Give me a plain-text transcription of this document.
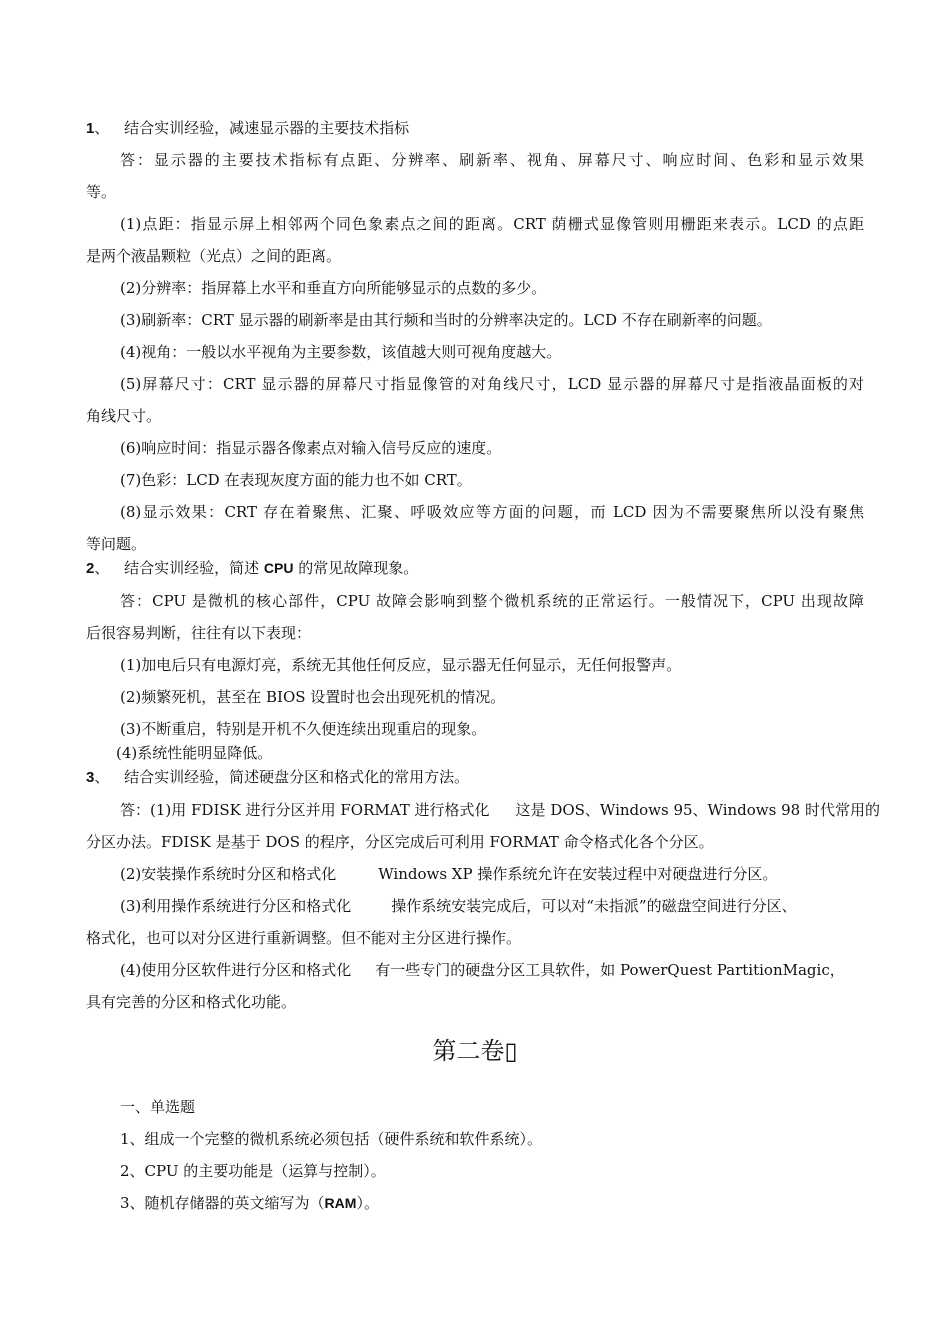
1、 结合实训经验，减速显示器的主要技术指标
答：显示器的主要技术指标有点距、分辨率、刷新率、视角、屏幕尺寸、响应时间、色彩和显示效果
等。
(1)点距：指显示屏上相邻两个同色象素点之间的距离。CRT 荫栅式显像管则用栅距来表示。LCD 的点距
是两个液晶颗粒（光点）之间的距离。
(2)分辨率：指屏幕上水平和垂直方向所能够显示的点数的多少。
(3)刷新率：CRT 显示器的刷新率是由其行频和当时的分辨率决定的。LCD 不存在刷新率的问题。
(4)视角：一般以水平视角为主要参数，该值越大则可视角度越大。
(5)屏幕尺寸：CRT 显示器的屏幕尺寸指显像管的对角线尺寸，LCD 显示器的屏幕尺寸是指液晶面板的对
角线尺寸。
(6)响应时间：指显示器各像素点对输入信号反应的速度。
(7)色彩：LCD 在表现灰度方面的能力也不如 CRT。
(8)显示效果：CRT 存在着聚焦、汇聚、呼吸效应等方面的问题，而 LCD 因为不需要聚焦所以没有聚焦
等问题。
2、 结合实训经验，简述 CPU 的常见故障现象。
答：CPU 是微机的核心部件，CPU 故障会影响到整个微机系统的正常运行。一般情况下，CPU 出现故障
后很容易判断，往往有以下表现：
(1)加电后只有电源灯亮，系统无其他任何反应，显示器无任何显示，无任何报警声。
(2)频繁死机，甚至在 BIOS 设置时也会出现死机的情况。
(3)不断重启，特别是开机不久便连续出现重启的现象。
(4)系统性能明显降低。
3、 结合实训经验，简述硬盘分区和格式化的常用方法。
答：(1)用 FDISK 进行分区并用 FORMAT 进行格式化 这是 DOS、Windows 95、Windows 98 时代常用的
分区办法。FDISK 是基于 DOS 的程序，分区完成后可利用 FORMAT 命令格式化各个分区。
(2)安装操作系统时分区和格式化	Windows XP 操作系统允许在安装过程中对硬盘进行分区。
(3)利用操作系统进行分区和格式化	操作系统安装完成后，可以对“未指派”的磁盘空间进行分区、
格式化，也可以对分区进行重新调整。但不能对主分区进行操作。
(4)使用分区软件进行分区和格式化 有一些专门的硬盘分区工具软件，如 PowerQuest PartitionMagic，
具有完善的分区和格式化功能。
第二卷▯
一、单选题
1、组成一个完整的微机系统必须包括（硬件系统和软件系统）。
2、CPU 的主要功能是（运算与控制）。
3、随机存储器的英文缩写为（RAM）。
